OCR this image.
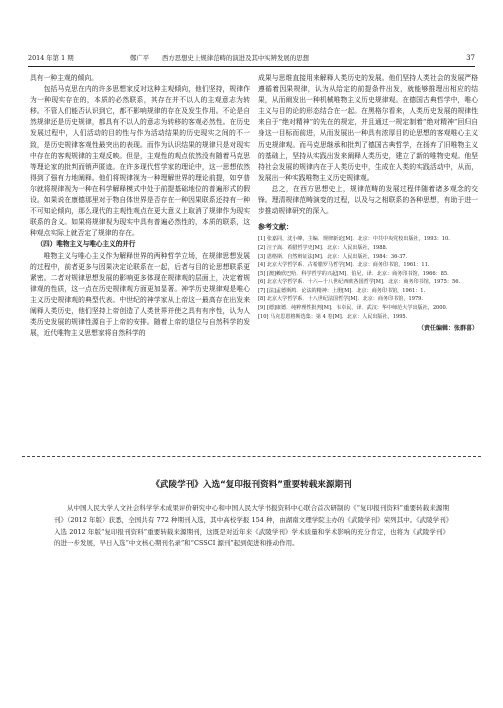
2014 年第 1 期	鄭广平 西方思想史上规律范畴的演进及其中实辨发展的思想	37

具有一种主观的倾向。

包括马克思在内的许多思想家反对这种主观倾向，他们坚持，规律作为一种现实存在的，本质的必然联系，其存在并不以人的主观意志为转移。不管人们能否认识到它，都不影响规律的存在及发生作用。不论是自然规律还是历史规律，都具有不以人的意志为转移的客观必然性。在历史发展过程中，人们活动的目的性与作为活动结果的历史现实之间的不一致，是历史规律客观性最突出的表现。而作为认识结果的规律只是对现实中存在的客观规律的主观反映。但是，主观性的观点依然没有随着马克思等理论家的批判而销声匿迹。在许多现代哲学家的理论中，这一思想依然得到了强有力地阐释。他们将规律视为一种理解世界的理论前提，如亨普尔就将规律视为一种在科学解释模式中处于前提基础地位的普遍形式的假设。如果说在康德那里对于物自体世界是否存在一种因果联系还持有一种不可知论倾向，那么现代的主观性观点在更大意义上取消了规律作为现实联系的含义。如果将规律视为现实中具有普遍必然性的，本质的联系，这种观点实际上就否定了规律的存在。

（四）唯物主义与唯心主义的并行

唯物主义与唯心主义作为解释世界的两种哲学立场，在规律思想发展的过程中，前者更多与因果决定论联系在一起，后者与目的论思想联系更紧密。二者对规律思想发展的影响更多体现在规律观的层面上，决定着规律观的性质，这一点在历史规律观方面更加显著。神学历史规律观是唯心主义历史规律观的典型代表。中世纪的神学家从上帝这一最高存在出发来阐释人类历史，他们坚持上帝创造了人类世界并使之具有有序性，认为人类历史发展的规律性源自于上帝的安排。随着上帝的退位与自然科学的发展，近代唯物主义思想家将自然科学的

成果与思维直接用来解释人类历史的发展。他们坚持人类社会的发展严格遵循着因果规律，认为从给定的前提条件出发，就能够推理出相应的结果，从而阐发出一种机械唯物主义历史规律观。在德国古典哲学中，唯心主义与目的论的形态结合在一起。在黑格尔看来，人类历史发展的规律性来自于“绝对精神”的先在的规定，并且通过一规定制着“绝对精神”回归自身这一目标而前进，从而发展出一种具有浓厚目的论思想的客观唯心主义历史规律观。而马克思继承和批判了德国古典哲学，在扬弃了旧唯物主义的基础上，坚持从实践出发来阐释人类历史，建立了新的唯物史观。他坚持社会发展的规律内在于人类历史中，生成在人类的实践活动中，从而，发展出一种实践唯物主义历史规律观。

总之，在西方思想史上，规律范畴的发展过程伴随着诸多观念的交锋。理清规律范畴演变的过程，以及与之相联系的各种思想，有助于进一步推动规律研究的深入。

参考文献：
[1] 张嘉同，沈小峰，主编．规律新论[M]．北京：中共中央党校出版社，1993：10.
[2] 汪子嵩．希腊哲学史[M]．北京：人民出版社，1988.
[3] 恩格斯．自然辩证法[M]．北京：人民出版社，1984：36-37.
[4] 北京大学哲学系．古希腊罗马哲学[M]．北京：商务印书馆，1961：11.
[5] [澳]赖欣巴哈．科学哲学的兴起[M]．伯尼，译．北京：商务印书馆，1966：85.
[6] 北京大学哲学系．十六—十八世纪西欧各国哲学[M]．北京：商务印书馆，1975：56.
[7] [法]孟德斯鸠．论法的精神：上册[M]．北京：商务印书馆，1961：1.
[8] 北京大学哲学系．十八世纪法国哲学[M]．北京：商务印书馆，1979.
[9] [德]康德．纯粹理性批判[M]．韦卓民，译．武汉：华中师范大学出版社，2000.
[10] 马克思恩格斯选集：第 4 卷[M]．北京：人民出版社，1995.
（责任编辑：张群喜）
《武陵学刊》入选“复印报刊资料”重要转载来源期刊

从中国人民大学人文社会科学学术成果评价研究中心和中国人民大学书报资料中心联合首次研制的《“复印报刊资料”重要转载来源期刊》（2012 年版）获悉，全国共有 772 种期刊入选，其中高校学报 154 种，由湖南文理学院主办的《武陵学刊》荣列其中。《武陵学刊》入选 2012 年版“复印报刊资料”重要转载来源期刊，这既是对近年来《武陵学刊》学术质量和学术影响的充分肯定，也将为《武陵学刊》的进一步发展，早日入选“中文核心期刊名录”和“CSSCI 源刊”起到促进和推动作用。
